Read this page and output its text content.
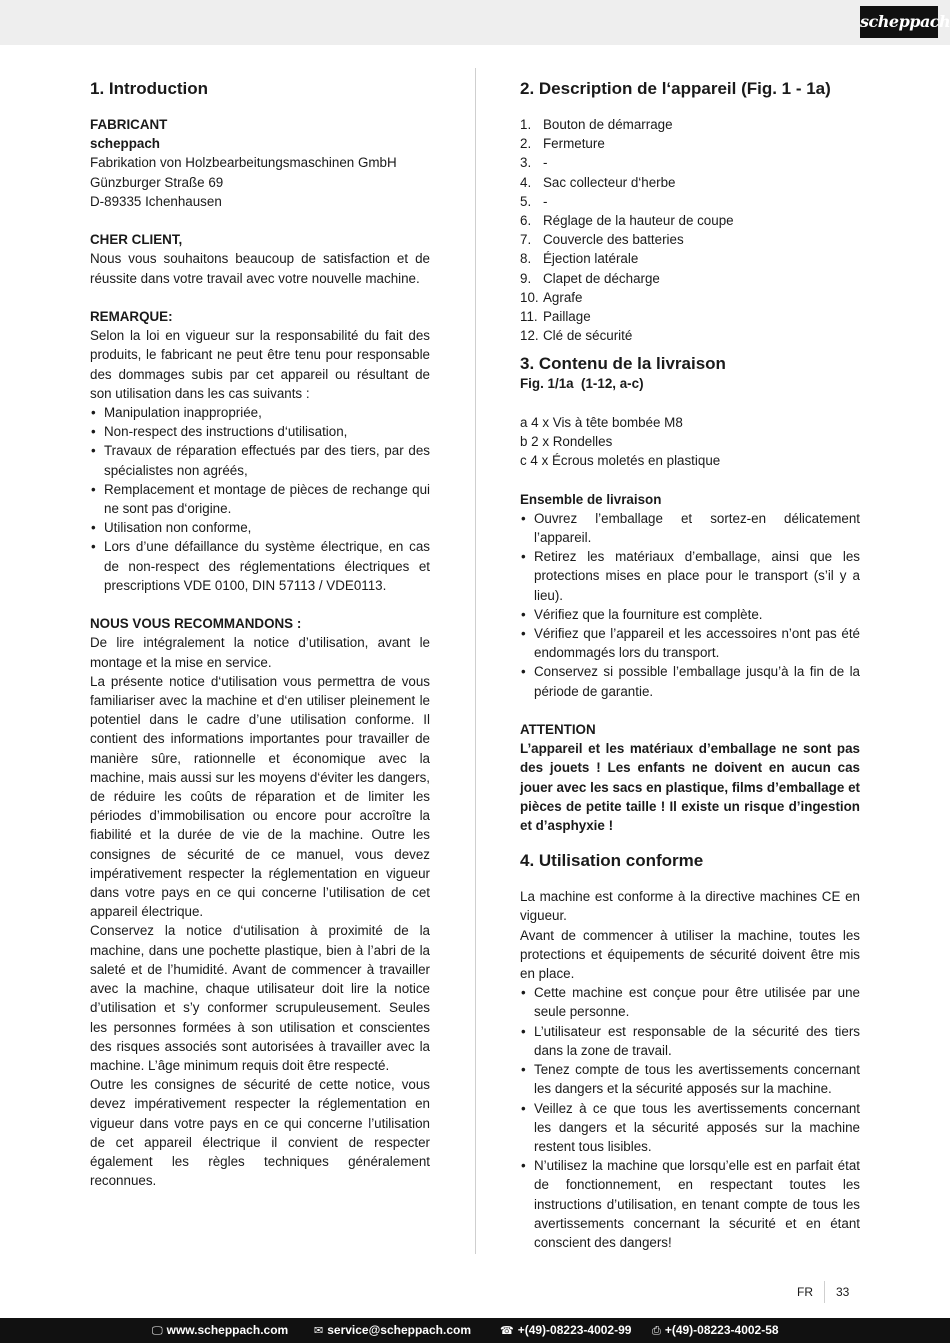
scheppach
1. Introduction
FABRICANT
scheppach
Fabrikation von Holzbearbeitungsmaschinen GmbH
Günzburger Straße 69
D-89335 Ichenhausen
CHER CLIENT,

Nous vous souhaitons beaucoup de satisfaction et de réussite dans votre travail avec votre nouvelle machine.

REMARQUE:

Selon la loi en vigueur sur la responsabilité du fait des produits, le fabricant ne peut être tenu pour responsable des dommages subis par cet appareil ou résultant de son utilisation dans les cas suivants :

• Manipulation inappropriée,
• Non-respect des instructions d‘utilisation,
• Travaux de réparation effectués par des tiers, par des spécialistes non agréés,
• Remplacement et montage de pièces de rechange qui ne sont pas d‘origine.
• Utilisation non conforme,
• Lors d’une défaillance du système électrique, en cas de non-respect des réglementations électriques et prescriptions VDE 0100, DIN 57113 / VDE0113.
NOUS VOUS RECOMMANDONS :

De lire intégralement la notice d’utilisation, avant le montage et la mise en service.

La présente notice d‘utilisation vous permettra de vous familiariser avec la machine et d‘en utiliser pleinement le potentiel dans le cadre d’une utilisation conforme. Il contient des informations importantes pour travailler de manière sûre, rationnelle et économique avec la machine, mais aussi sur les moyens d‘éviter les dangers, de réduire les coûts de réparation et de limiter les périodes d’immobilisation ou encore pour accroître la fiabilité et la durée de vie de la machine. Outre les consignes de sécurité de ce manuel, vous devez impérativement respecter la réglementation en vigueur dans votre pays en ce qui concerne l’utilisation de cet appareil électrique.

Conservez la notice d‘utilisation à proximité de la machine, dans une pochette plastique, bien à l’abri de la saleté et de l’humidité. Avant de commencer à travailler avec la machine, chaque utilisateur doit lire la notice d’utilisation et s’y conformer scrupuleusement. Seules les personnes formées à son utilisation et conscientes des risques associés sont autorisées à travailler avec la machine. L’âge minimum requis doit être respecté.

Outre les consignes de sécurité de cette notice, vous devez impérativement respecter la réglementation en vigueur dans votre pays en ce qui concerne l’utilisation de cet appareil électrique il convient de respecter également les règles techniques généralement reconnues.

2. Description de l‘appareil (Fig. 1 - 1a)
1. Bouton de démarrage
2. Fermeture
3. -
4. Sac collecteur d‘herbe
5. -
6. Réglage de la hauteur de coupe
7. Couvercle des batteries
8. Éjection latérale
9. Clapet de décharge
10. Agrafe
11. Paillage
12. Clé de sécurité
3. Contenu de la livraison
Fig. 1/1a  (1-12, a-c)
a 4 x Vis à tête bombée M8
b 2 x Rondelles
c 4 x Écrous moletés en plastique
Ensemble de livraison
• Ouvrez l’emballage et sortez-en délicatement l’appareil.
• Retirez les matériaux d’emballage, ainsi que les protections mises en place pour le transport (s’il y a lieu).
• Vérifiez que la fourniture est complète.
• Vérifiez que l’appareil et les accessoires n’ont pas été endommagés lors du transport.
• Conservez si possible l’emballage jusqu’à la fin de la période de garantie.
ATTENTION

L’appareil et les matériaux d’emballage ne sont pas des jouets ! Les enfants ne doivent en aucun cas jouer avec les sacs en plastique, films d’emballage et pièces de petite taille ! Il existe un risque d’ingestion et d’asphyxie !

4. Utilisation conforme

La machine est conforme à la directive machines CE en vigueur.

Avant de commencer à utiliser la machine, toutes les protections et équipements de sécurité doivent être mis en place.

• Cette machine est conçue pour être utilisée par une seule personne.
• L’utilisateur est responsable de la sécurité des tiers dans la zone de travail.
• Tenez compte de tous les avertissements concernant les dangers et la sécurité apposés sur la machine.
• Veillez à ce que tous les avertissements concernant les dangers et la sécurité apposés sur la machine restent tous lisibles.
• N’utilisez la machine que lorsqu’elle est en parfait état de fonctionnement, en respectant toutes les instructions d’utilisation, en tenant compte de tous les avertissements concernant la sécurité et en étant conscient des dangers!
FR 33
🖵 www.scheppach.com ✉ service@scheppach.com	☎ +(49)-08223-4002-99 ⎙ +(49)-08223-4002-58
